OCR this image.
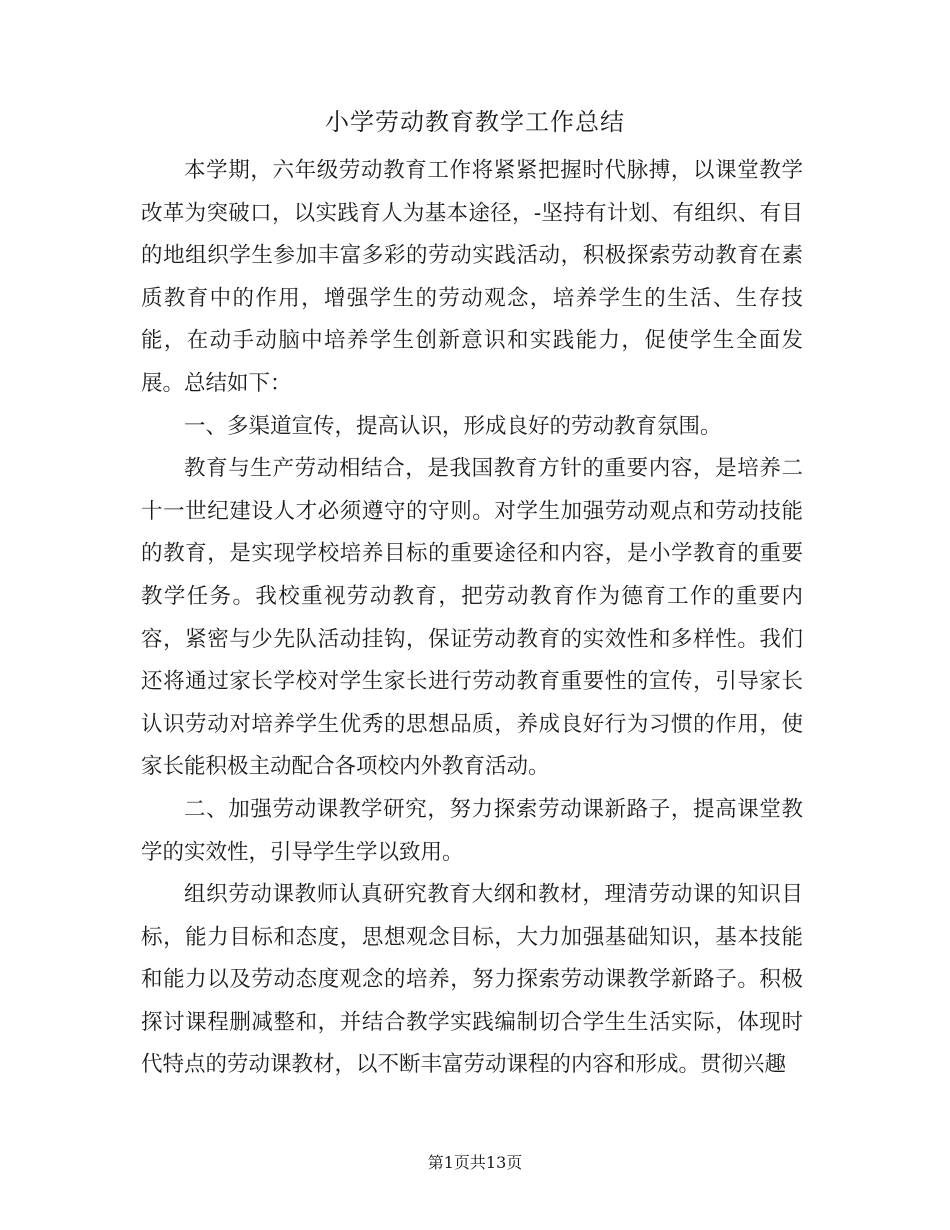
小学劳动教育教学工作总结

本学期，六年级劳动教育工作将紧紧把握时代脉搏，以课堂教学改革为突破口，以实践育人为基本途径，-坚持有计划、有组织、有目的地组织学生参加丰富多彩的劳动实践活动，积极探索劳动教育在素质教育中的作用，增强学生的劳动观念，培养学生的生活、生存技能，在动手动脑中培养学生创新意识和实践能力，促使学生全面发展。总结如下：

一、多渠道宣传，提高认识，形成良好的劳动教育氛围。

教育与生产劳动相结合，是我国教育方针的重要内容，是培养二十一世纪建设人才必须遵守的守则。对学生加强劳动观点和劳动技能的教育，是实现学校培养目标的重要途径和内容，是小学教育的重要教学任务。我校重视劳动教育，把劳动教育作为德育工作的重要内容，紧密与少先队活动挂钩，保证劳动教育的实效性和多样性。我们还将通过家长学校对学生家长进行劳动教育重要性的宣传，引导家长认识劳动对培养学生优秀的思想品质，养成良好行为习惯的作用，使家长能积极主动配合各项校内外教育活动。

二、加强劳动课教学研究，努力探索劳动课新路子，提高课堂教学的实效性，引导学生学以致用。

组织劳动课教师认真研究教育大纲和教材，理清劳动课的知识目标，能力目标和态度，思想观念目标，大力加强基础知识，基本技能和能力以及劳动态度观念的培养，努力探索劳动课教学新路子。积极探讨课程删减整和，并结合教学实践编制切合学生生活实际，体现时代特点的劳动课教材，以不断丰富劳动课程的内容和形成。贯彻兴趣

第1页共13页
